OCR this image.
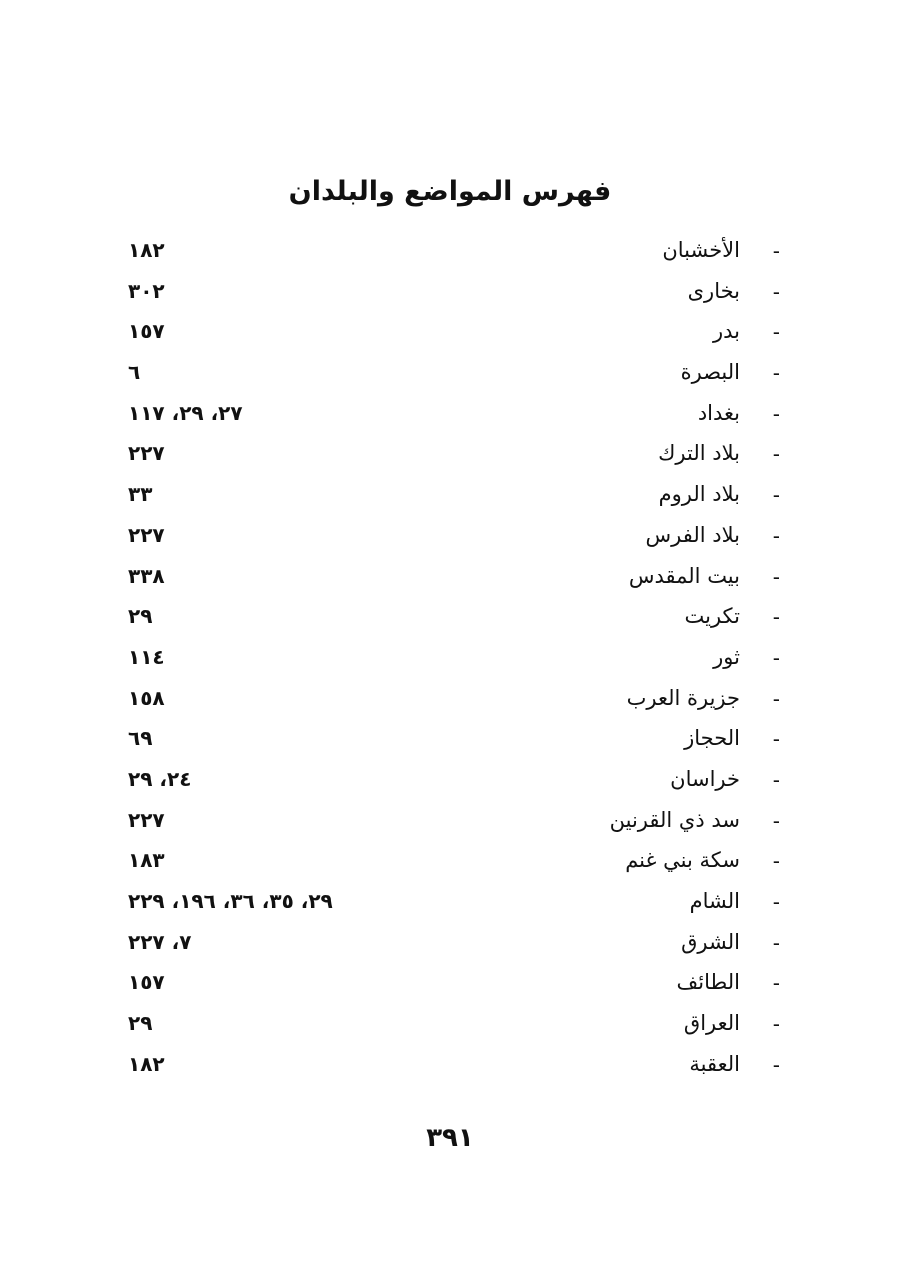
فهرس المواضع والبلدان
-
الأخشبان
١٨٢
-
بخارى
٣٠٢
-
بدر
١٥٧
-
البصرة
٦
-
بغداد
٢٧، ٢٩، ١١٧
-
بلاد الترك
٢٢٧
-
بلاد الروم
٣٣
-
بلاد الفرس
٢٢٧
-
بيت المقدس
٣٣٨
-
تكريت
٢٩
-
ثور
١١٤
-
جزيرة العرب
١٥٨
-
الحجاز
٦٩
-
خراسان
٢٤، ٢٩
-
سد ذي القرنين
٢٢٧
-
سكة بني غنم
١٨٣
-
الشام
٢٩، ٣٥، ٣٦، ١٩٦، ٢٢٩
-
الشرق
٧، ٢٢٧
-
الطائف
١٥٧
-
العراق
٢٩
-
العقبة
١٨٢
٣٩١
